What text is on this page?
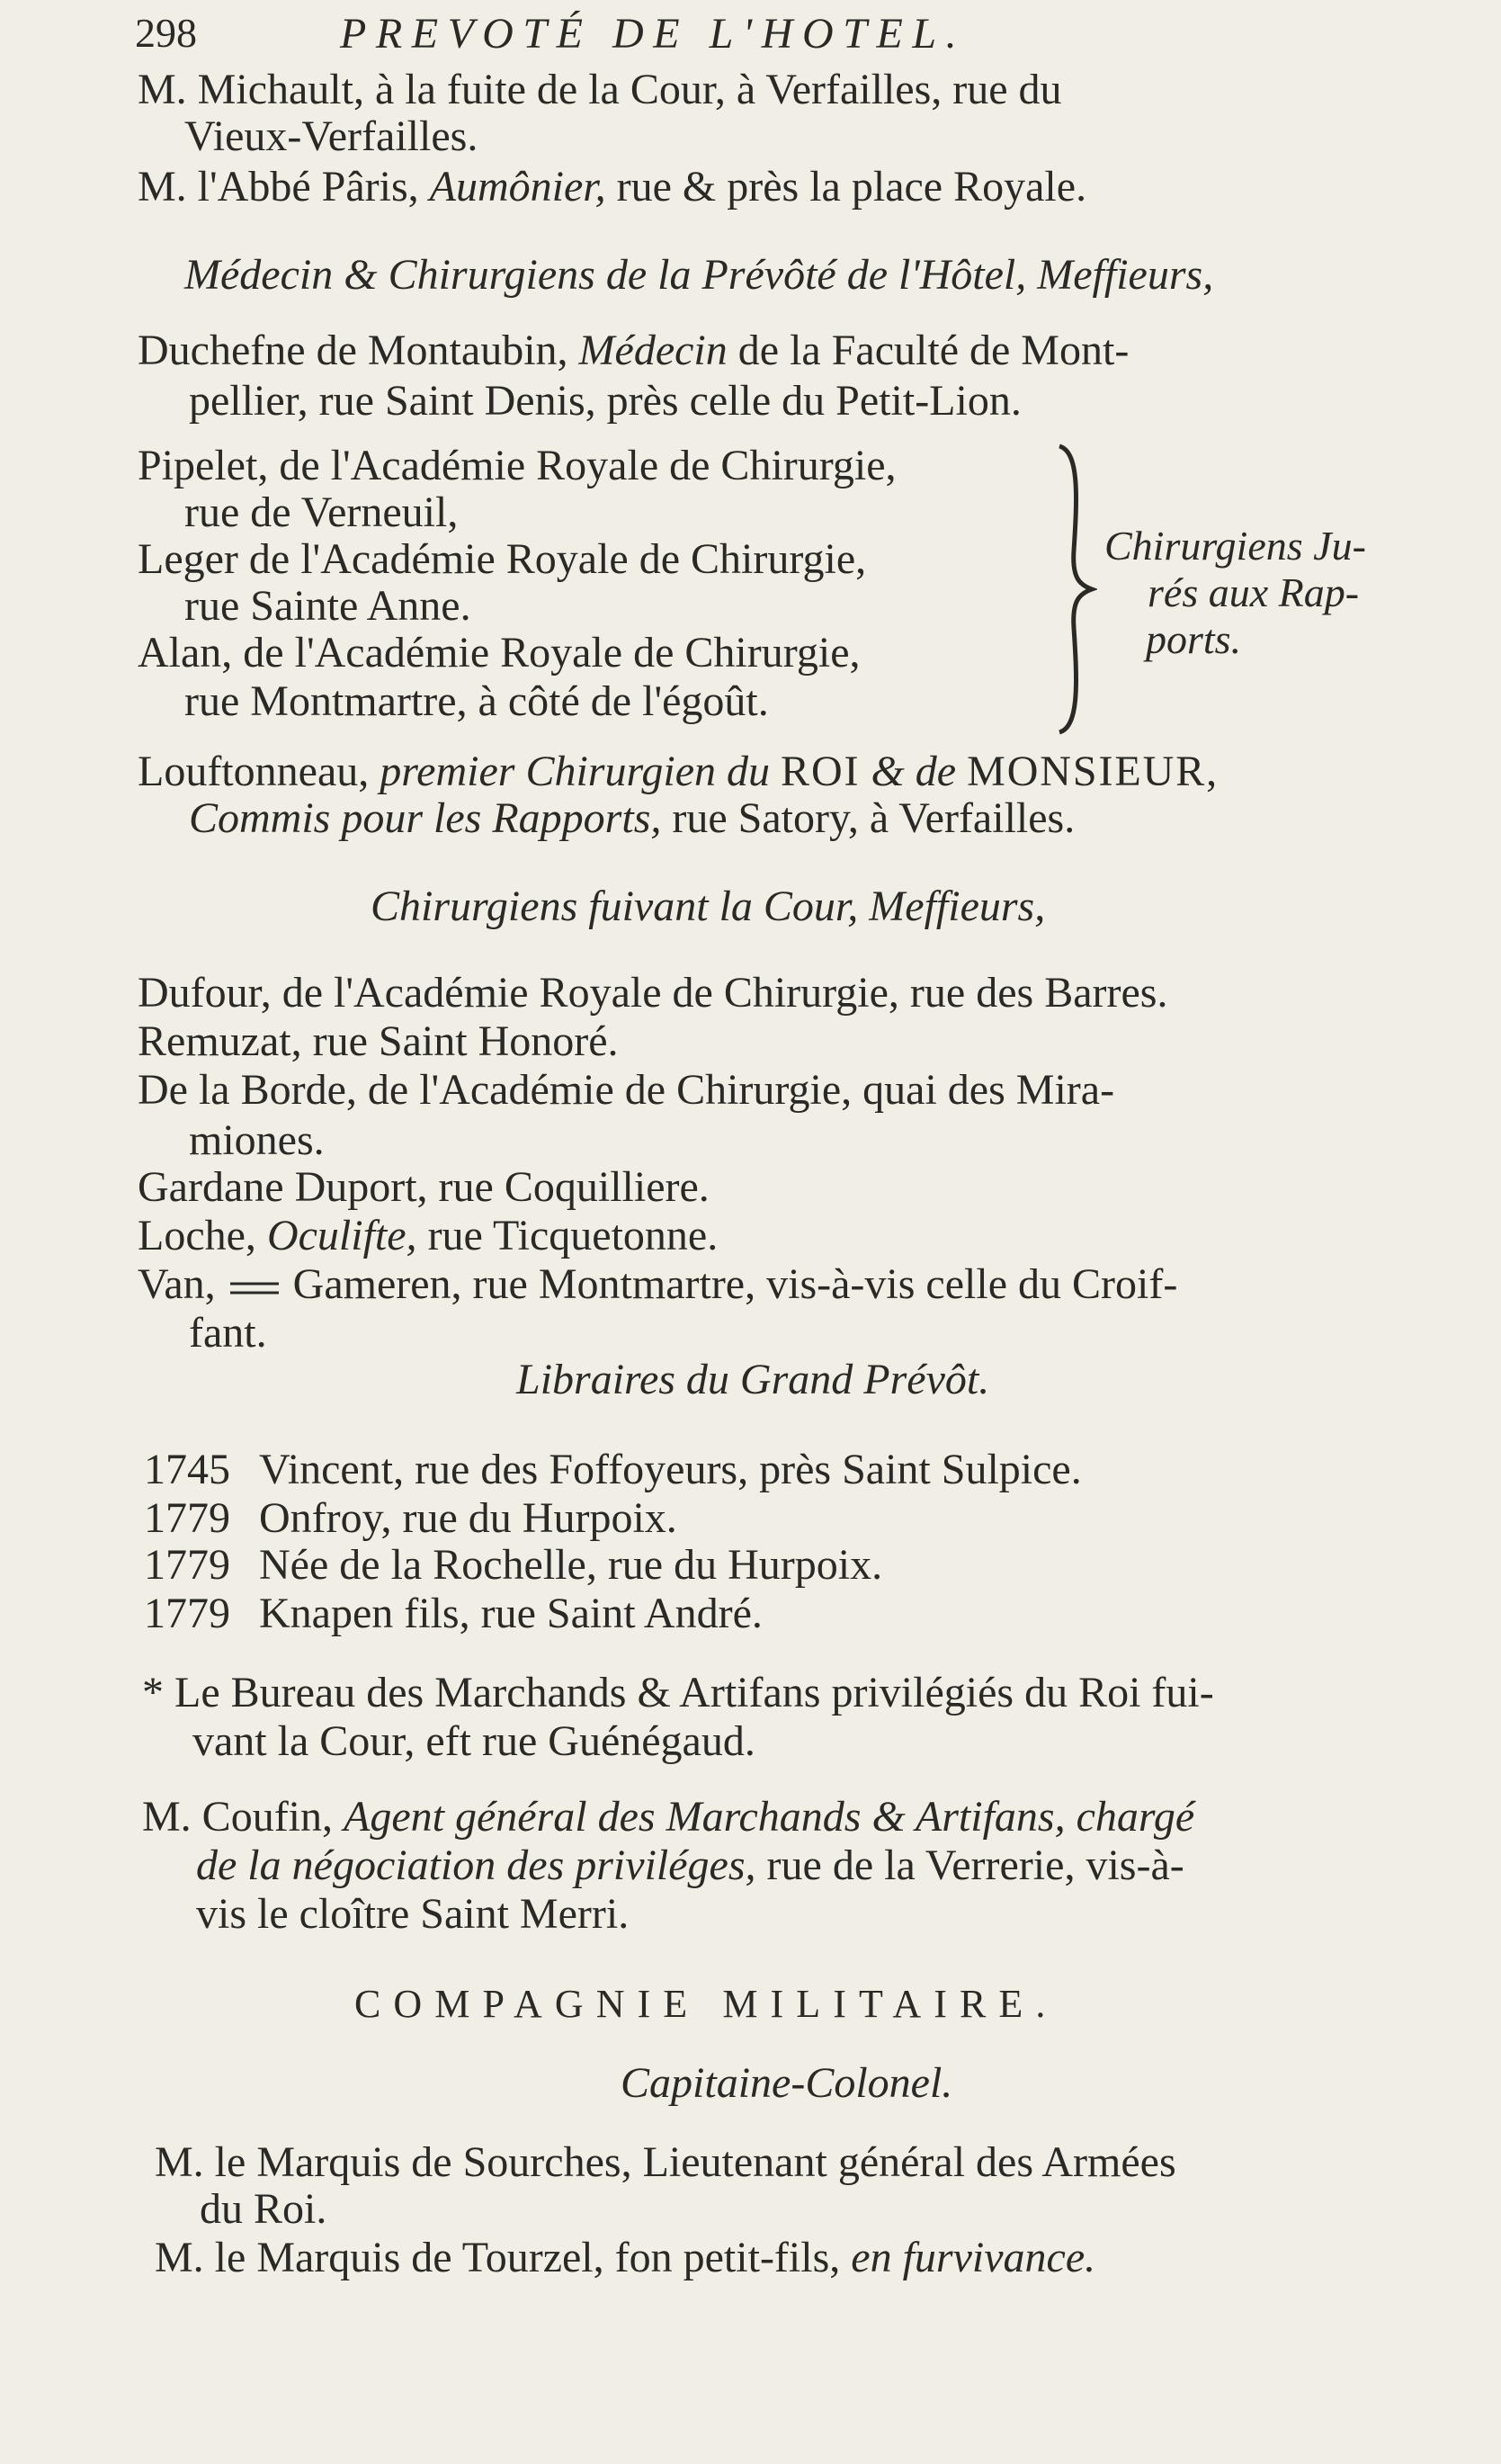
298	PREVOTÉ DE L'HOTEL.
M. Michault, à la fuite de la Cour, à Verfailles, rue du
Vieux-Verfailles.
M. l'Abbé Pâris, Aumônier, rue & près la place Royale.
Médecin & Chirurgiens de la Prévôté de l'Hôtel, Meffieurs,
Duchefne de Montaubin, Médecin de la Faculté de Mont-
pellier, rue Saint Denis, près celle du Petit-Lion.
Pipelet, de l'Académie Royale de Chirurgie,
rue de Verneuil,
Leger de l'Académie Royale de Chirurgie,
rue Sainte Anne.
Alan, de l'Académie Royale de Chirurgie,
rue Montmartre, à côté de l'égoût.
Chirurgiens Ju-
rés aux Rap-
ports.
Louftonneau, premier Chirurgien du ROI & de MONSIEUR,
Commis pour les Rapports, rue Satory, à Verfailles.
Chirurgiens fuivant la Cour, Meffieurs,
Dufour, de l'Académie Royale de Chirurgie, rue des Barres.
Remuzat, rue Saint Honoré.
De la Borde, de l'Académie de Chirurgie, quai des Mira-
miones.
Gardane Duport, rue Coquilliere.
Loche, Oculifte, rue Ticquetonne.
Van, Gameren, rue Montmartre, vis-à-vis celle du Croif-
fant.
Libraires du Grand Prévôt.
1745 Vincent, rue des Foffoyeurs, près Saint Sulpice.
1779 Onfroy, rue du Hurpoix.
1779 Née de la Rochelle, rue du Hurpoix.
1779 Knapen fils, rue Saint André.
* Le Bureau des Marchands & Artifans privilégiés du Roi fui-
vant la Cour, eft rue Guénégaud.
M. Coufin, Agent général des Marchands & Artifans, chargé
de la négociation des priviléges, rue de la Verrerie, vis-à-
vis le cloître Saint Merri.
COMPAGNIE MILITAIRE.
Capitaine-Colonel.
M. le Marquis de Sourches, Lieutenant général des Armées
du Roi.
M. le Marquis de Tourzel, fon petit-fils, en furvivance.
